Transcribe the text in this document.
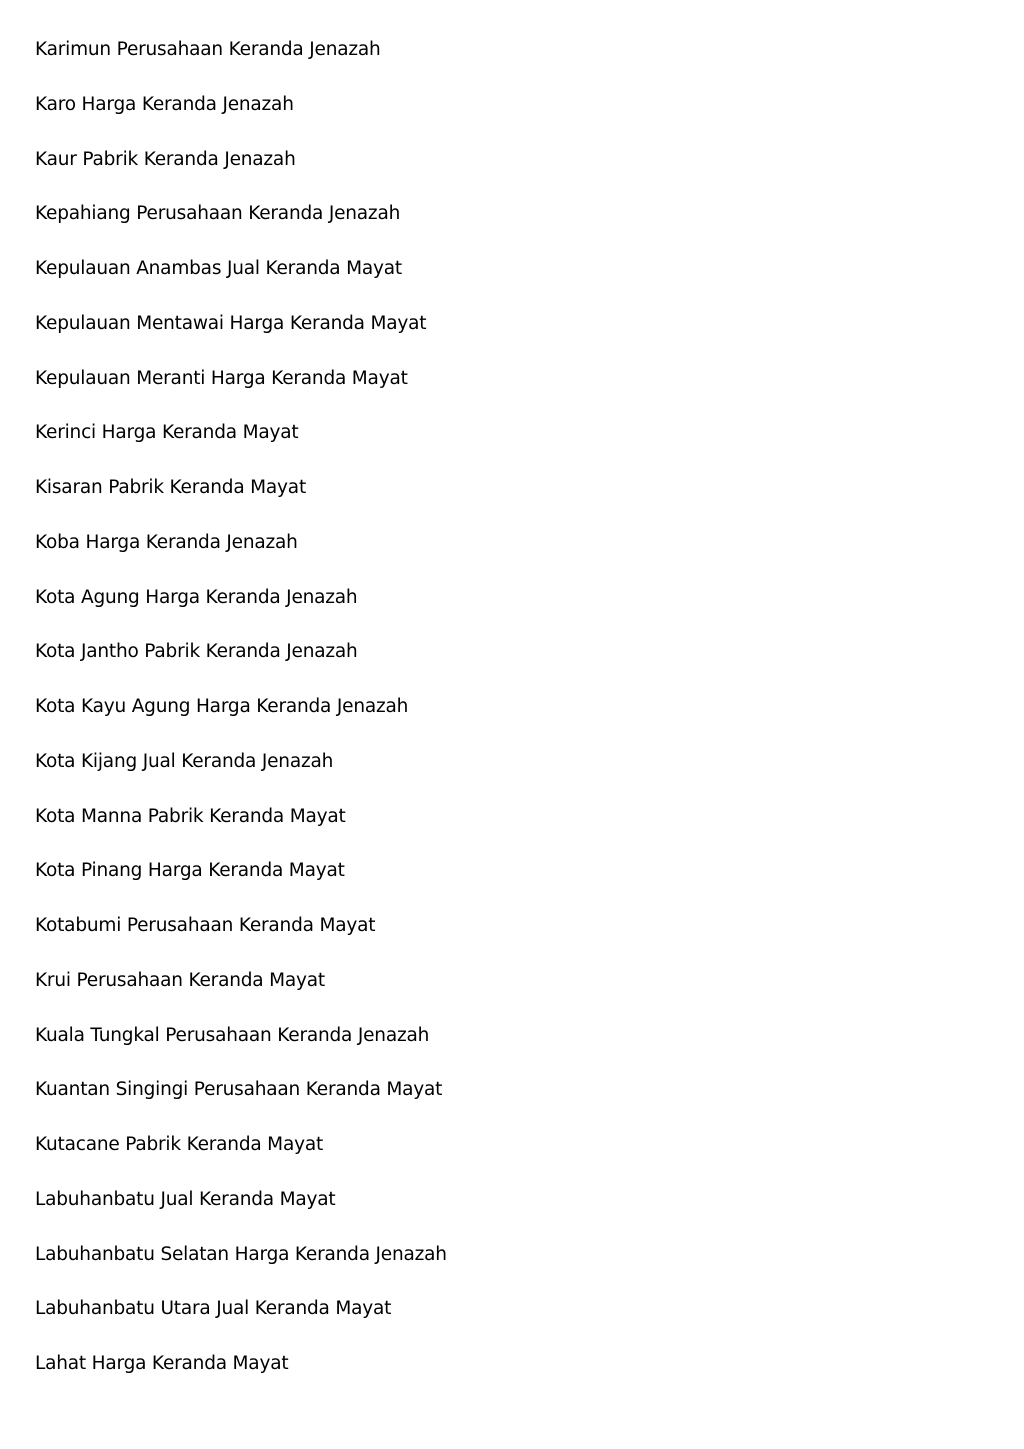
Karimun Perusahaan Keranda Jenazah
Karo Harga Keranda Jenazah
Kaur Pabrik Keranda Jenazah
Kepahiang Perusahaan Keranda Jenazah
Kepulauan Anambas Jual Keranda Mayat
Kepulauan Mentawai Harga Keranda Mayat
Kepulauan Meranti Harga Keranda Mayat
Kerinci Harga Keranda Mayat
Kisaran Pabrik Keranda Mayat
Koba Harga Keranda Jenazah
Kota Agung Harga Keranda Jenazah
Kota Jantho Pabrik Keranda Jenazah
Kota Kayu Agung Harga Keranda Jenazah
Kota Kijang Jual Keranda Jenazah
Kota Manna Pabrik Keranda Mayat
Kota Pinang Harga Keranda Mayat
Kotabumi Perusahaan Keranda Mayat
Krui Perusahaan Keranda Mayat
Kuala Tungkal Perusahaan Keranda Jenazah
Kuantan Singingi Perusahaan Keranda Mayat
Kutacane Pabrik Keranda Mayat
Labuhanbatu Jual Keranda Mayat
Labuhanbatu Selatan Harga Keranda Jenazah
Labuhanbatu Utara Jual Keranda Mayat
Lahat Harga Keranda Mayat
